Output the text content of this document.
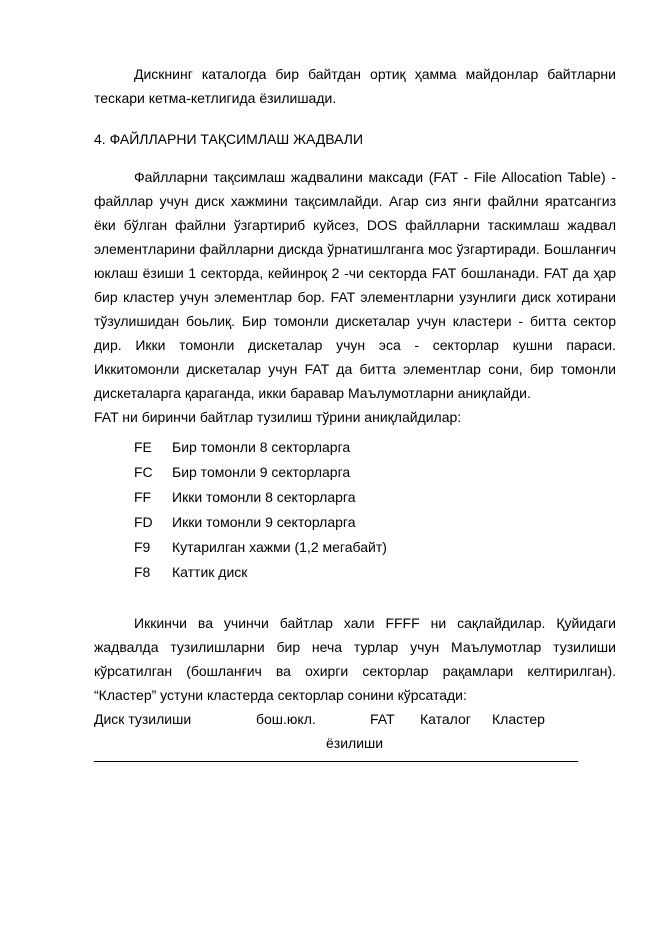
Дискнинг каталогда бир байтдан ортиқ ҳамма майдонлар байтларни тескари кетма-кетлигида ёзилишади.

4. ФАЙЛЛАРНИ ТАҚСИМЛАШ ЖАДВАЛИ

Файлларни тақсимлаш жадвалини максади (FAT - File Allocation Table) - файллар учун диск хажмини тақсимлайди. Агар сиз янги файлни яратсангиз ёки бўлган файлни ўзгартириб куйсез, DOS файлларни таскимлаш жадвал элементларини файлларни дискда ўрнатишлганга мос ўзгартиради. Бошланғич юклаш ёзиши 1 секторда, кейинроқ 2 -чи секторда FAT бошланади. FAT да ҳар бир кластер учун элементлар бор. FAT элементларни узунлиги диск хотирани тўзулишидан боьлиқ. Бир томонли дискеталар учун кластери - битта сектор дир. Икки томонли дискеталар учун эса - секторлар кушни параси. Иккитомонли дискеталар учун FAT да битта элементлар сони, бир томонли дискеталарга қараганда, икки баравар Маълумотларни аниқлайди.

FAT ни биринчи байтлар тузилиш тўрини аниқлайдилар:

FE	Бир томонли 8 секторларга
FC	Бир томонли 9 секторларга
FF	Икки томонли 8 секторларга
FD	Икки томонли 9 секторларга
F9	Кутарилган хажми (1,2 мегабайт)
F8	Каттик диск

Иккинчи ва учинчи байтлар хали FFFF ни сақлайдилар. Қуйидаги жадвалда тузилишларни бир неча турлар учун Маълумотлар тузилиши кўрсатилган (бошланғич ва охирги секторлар рақамлари келтирилган). “Кластер” устуни кластерда секторлар сонини кўрсатади:

Диск тузилиши	бош.юкл.	FAT	Каталог	Кластер
ёзилиши
